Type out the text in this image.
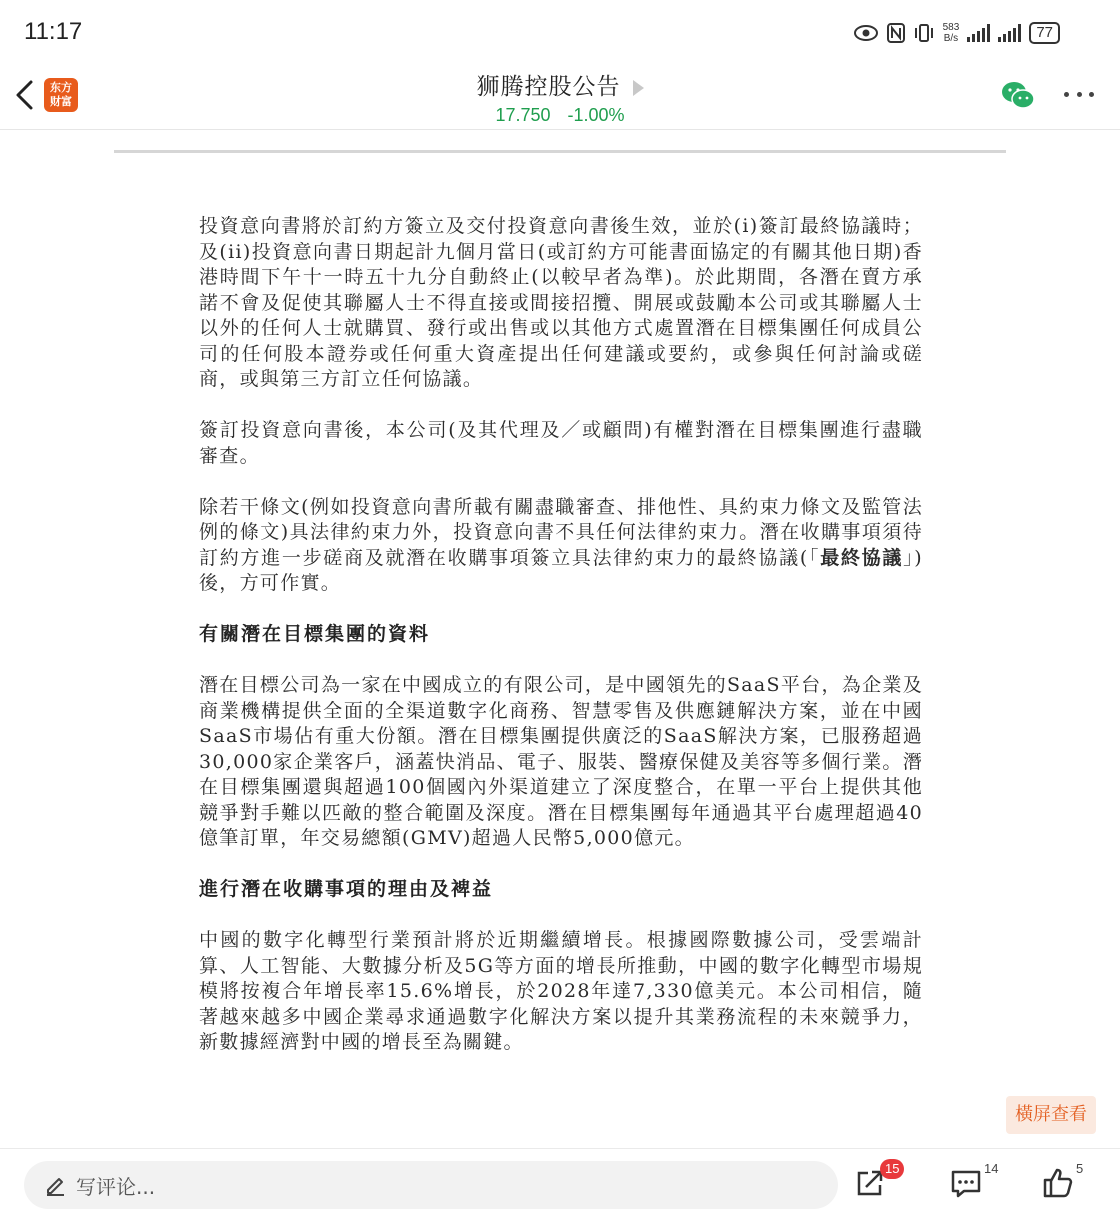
11:17	583
B/s	77
东方
财富
狮腾控股公告
17.750 -1.00%

投資意向書將於訂約方簽立及交付投資意向書後生效，並於(i)簽訂最終協議時；及(ii)投資意向書日期起計九個月當日(或訂約方可能書面協定的有關其他日期)香港時間下午十一時五十九分自動終止(以較早者為準)。於此期間，各潛在賣方承諾不會及促使其聯屬人士不得直接或間接招攬、開展或鼓勵本公司或其聯屬人士以外的任何人士就購買、發行或出售或以其他方式處置潛在目標集團任何成員公司的任何股本證券或任何重大資產提出任何建議或要約，或參與任何討論或磋商，或與第三方訂立任何協議。

簽訂投資意向書後，本公司(及其代理及／或顧問)有權對潛在目標集團進行盡職審查。

除若干條文(例如投資意向書所載有關盡職審查、排他性、具約束力條文及監管法例的條文)具法律約束力外，投資意向書不具任何法律約束力。潛在收購事項須待訂約方進一步磋商及就潛在收購事項簽立具法律約束力的最終協議(「最終協議」)後，方可作實。

有關潛在目標集團的資料

潛在目標公司為一家在中國成立的有限公司，是中國領先的SaaS平台，為企業及商業機構提供全面的全渠道數字化商務、智慧零售及供應鏈解決方案，並在中國SaaS市場佔有重大份額。潛在目標集團提供廣泛的SaaS解決方案，已服務超過30,000家企業客戶，涵蓋快消品、電子、服裝、醫療保健及美容等多個行業。潛在目標集團還與超過100個國內外渠道建立了深度整合，在單一平台上提供其他競爭對手難以匹敵的整合範圍及深度。潛在目標集團每年通過其平台處理超過40億筆訂單，年交易總額(GMV)超過人民幣5,000億元。

進行潛在收購事項的理由及裨益

中國的數字化轉型行業預計將於近期繼續增長。根據國際數據公司，受雲端計算、人工智能、大數據分析及5G等方面的增長所推動，中國的數字化轉型市場規模將按複合年增長率15.6%增長，於2028年達7,330億美元。本公司相信，隨著越來越多中國企業尋求通過數字化解決方案以提升其業務流程的未來競爭力，新數據經濟對中國的增長至為關鍵。

橫屏查看
写评论...
15	14	5
